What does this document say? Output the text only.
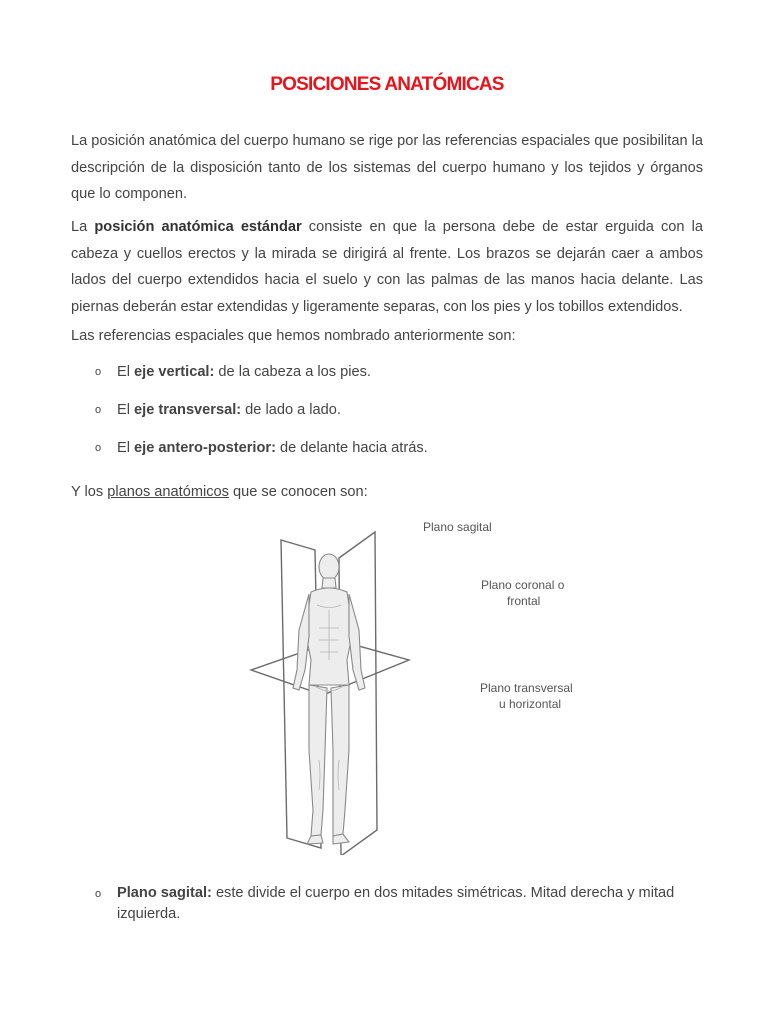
POSICIONES ANATÓMICAS

La posición anatómica del cuerpo humano se rige por las referencias espaciales que posibilitan la descripción de la disposición tanto de los sistemas del cuerpo humano y los tejidos y órganos que lo componen.

La posición anatómica estándar consiste en que la persona debe de estar erguida con la cabeza y cuellos erectos y la mirada se dirigirá al frente. Los brazos se dejarán caer a ambos lados del cuerpo extendidos hacia el suelo y con las palmas de las manos hacia delante. Las piernas deberán estar extendidas y ligeramente separas, con los pies y los tobillos extendidos.

Las referencias espaciales que hemos nombrado anteriormente son:

o El eje vertical: de la cabeza a los pies.
o El eje transversal: de lado a lado.
o El eje antero-posterior: de delante hacia atrás.

Y los planos anatómicos que se conocen son:

Plano sagital
Plano coronal o
frontal
Plano transversal
u horizontal
o Plano sagital: este divide el cuerpo en dos mitades simétricas. Mitad derecha y mitad izquierda.
